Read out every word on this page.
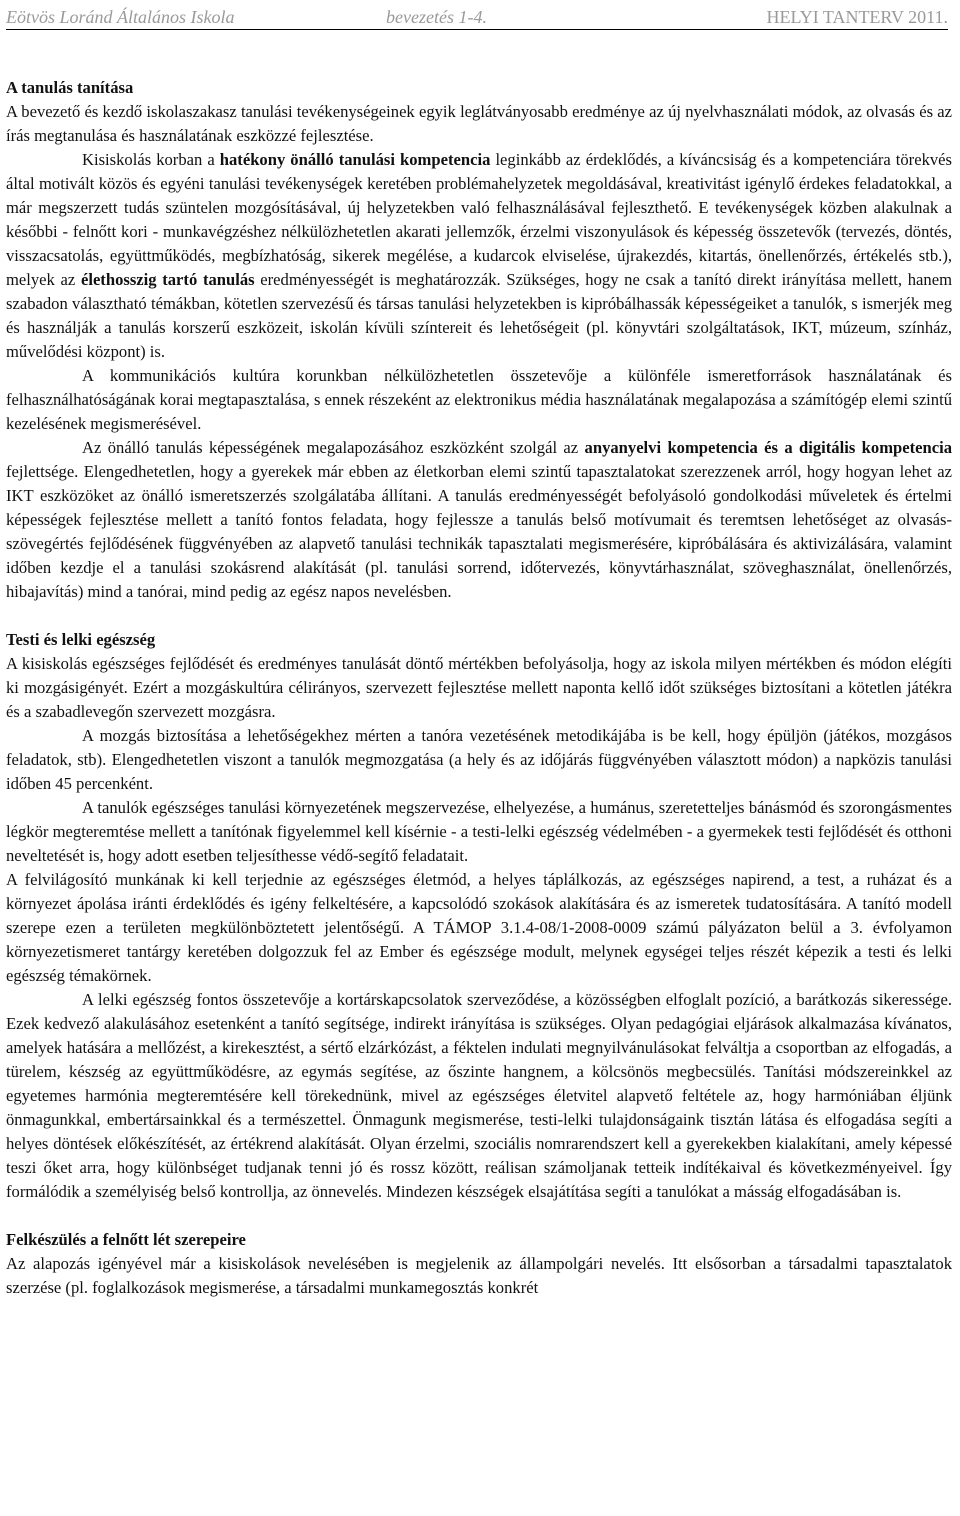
Eötvös Loránd Általános Iskola	bevezetés 1-4.	HELYI TANTERV 2011.
A tanulás tanítása

A bevezető és kezdő iskolaszakasz tanulási tevékenységeinek egyik leglátványosabb eredménye az új nyelvhasználati módok, az olvasás és az írás megtanulása és használatának eszközzé fejlesztése.

Kisiskolás korban a hatékony önálló tanulási kompetencia leginkább az érdeklődés, a kíváncsiság és a kompetenciára törekvés által motivált közös és egyéni tanulási tevékenységek keretében problémahelyzetek megoldásával, kreativitást igénylő érdekes feladatokkal, a már megszerzett tudás szüntelen mozgósításával, új helyzetekben való felhasználásával fejleszthető. E tevékenységek közben alakulnak a későbbi - felnőtt kori - munkavégzéshez nélkülözhetetlen akarati jellemzők, érzelmi viszonyulások és képesség összetevők (tervezés, döntés, visszacsatolás, együttműködés, megbízhatóság, sikerek megélése, a kudarcok elviselése, újrakezdés, kitartás, önellenőrzés, értékelés stb.), melyek az élethosszig tartó tanulás eredményességét is meghatározzák. Szükséges, hogy ne csak a tanító direkt irányítása mellett, hanem szabadon választható témákban, kötetlen szervezésű és társas tanulási helyzetekben is kipróbálhassák képességeiket a tanulók, s ismerjék meg és használják a tanulás korszerű eszközeit, iskolán kívüli színtereit és lehetőségeit (pl. könyvtári szolgáltatások, IKT, múzeum, színház, művelődési központ) is.

A kommunikációs kultúra korunkban nélkülözhetetlen összetevője a különféle ismeretforrások használatának és felhasználhatóságának korai megtapasztalása, s ennek részeként az elektronikus média használatának megalapozása a számítógép elemi szintű kezelésének megismerésével.

Az önálló tanulás képességének megalapozásához eszközként szolgál az anyanyelvi kompetencia és a digitális kompetencia fejlettsége. Elengedhetetlen, hogy a gyerekek már ebben az életkorban elemi szintű tapasztalatokat szerezzenek arról, hogy hogyan lehet az IKT eszközöket az önálló ismeretszerzés szolgálatába állítani. A tanulás eredményességét befolyásoló gondolkodási műveletek és értelmi képességek fejlesztése mellett a tanító fontos feladata, hogy fejlessze a tanulás belső motívumait és teremtsen lehetőséget az olvasás-szövegértés fejlődésének függvényében az alapvető tanulási technikák tapasztalati megismerésére, kipróbálására és aktivizálására, valamint időben kezdje el a tanulási szokásrend alakítását (pl. tanulási sorrend, időtervezés, könyvtárhasználat, szöveghasználat, önellenőrzés, hibajavítás) mind a tanórai, mind pedig az egész napos nevelésben.

Testi és lelki egészség

A kisiskolás egészséges fejlődését és eredményes tanulását döntő mértékben befolyásolja, hogy az iskola milyen mértékben és módon elégíti ki mozgásigényét. Ezért a mozgáskultúra célirányos, szervezett fejlesztése mellett naponta kellő időt szükséges biztosítani a kötetlen játékra és a szabadlevegőn szervezett mozgásra.

A mozgás biztosítása a lehetőségekhez mérten a tanóra vezetésének metodikájába is be kell, hogy épüljön (játékos, mozgásos feladatok, stb). Elengedhetetlen viszont a tanulók megmozgatása (a hely és az időjárás függvényében választott módon) a napközis tanulási időben 45 percenként.

A tanulók egészséges tanulási környezetének megszervezése, elhelyezése, a humánus, szeretetteljes bánásmód és szorongásmentes légkör megteremtése mellett a tanítónak figyelemmel kell kísérnie - a testi-lelki egészség védelmében - a gyermekek testi fejlődését és otthoni neveltetését is, hogy adott esetben teljesíthesse védő-segítő feladatait.

A felvilágosító munkának ki kell terjednie az egészséges életmód, a helyes táplálkozás, az egészséges napirend, a test, a ruházat és a környezet ápolása iránti érdeklődés és igény felkeltésére, a kapcsolódó szokások alakítására és az ismeretek tudatosítására. A tanító modell szerepe ezen a területen megkülönböztetett jelentőségű. A TÁMOP 3.1.4-08/1-2008-0009 számú pályázaton belül a 3. évfolyamon környezetismeret tantárgy keretében dolgozzuk fel az Ember és egészsége modult, melynek egységei teljes részét képezik a testi és lelki egészség témakörnek.

A lelki egészség fontos összetevője a kortárskapcsolatok szerveződése, a közösségben elfoglalt pozíció, a barátkozás sikeressége. Ezek kedvező alakulásához esetenként a tanító segítsége, indirekt irányítása is szükséges. Olyan pedagógiai eljárások alkalmazása kívánatos, amelyek hatására a mellőzést, a kirekesztést, a sértő elzárkózást, a féktelen indulati megnyilvánulásokat felváltja a csoportban az elfogadás, a türelem, készség az együttműködésre, az egymás segítése, az őszinte hangnem, a kölcsönös megbecsülés. Tanítási módszereinkkel az egyetemes harmónia megteremtésére kell törekednünk, mivel az egészséges életvitel alapvető feltétele az, hogy harmóniában éljünk önmagunkkal, embertársainkkal és a természettel. Önmagunk megismerése, testi-lelki tulajdonságaink tisztán látása és elfogadása segíti a helyes döntések előkészítését, az értékrend alakítását. Olyan érzelmi, szociális nomrarendszert kell a gyerekekben kialakítani, amely képessé teszi őket arra, hogy különbséget tudjanak tenni jó és rossz között, reálisan számoljanak tetteik indítékaival és következményeivel. Így formálódik a személyiség belső kontrollja, az önnevelés. Mindezen készségek elsajátítása segíti a tanulókat a másság elfogadásában is.

Felkészülés a felnőtt lét szerepeire

Az alapozás igényével már a kisiskolások nevelésében is megjelenik az állampolgári nevelés. Itt elsősorban a társadalmi tapasztalatok szerzése (pl. foglalkozások megismerése, a társadalmi munkamegosztás konkrét
